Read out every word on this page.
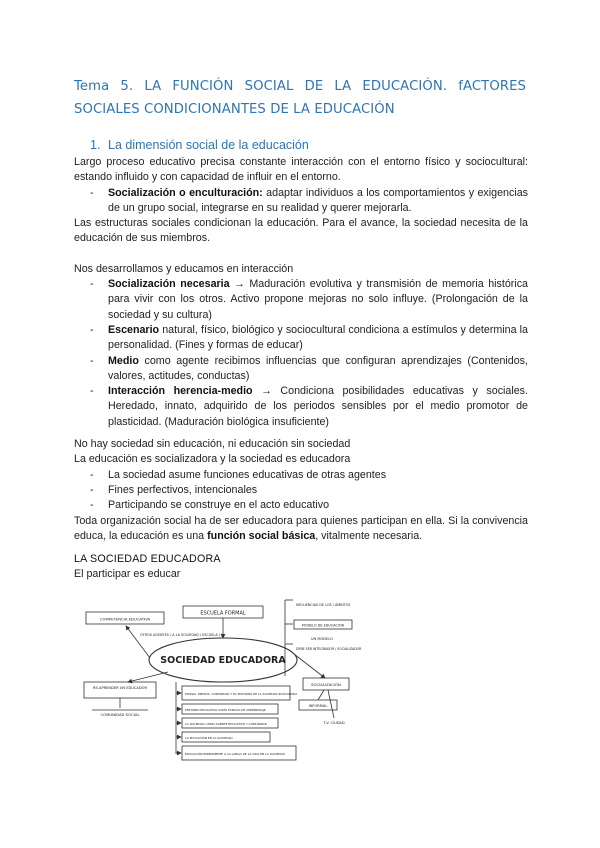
Tema 5. LA FUNCIÓN SOCIAL DE LA EDUCACIÓN. fACTORES SOCIALES CONDICIONANTES DE LA EDUCACIÓN
1. La dimensión social de la educación

Largo proceso educativo precisa constante interacción con el entorno físico y sociocultural: estando influido y con capacidad de influir en el entorno.

- Socialización o enculturación: adaptar individuos a los comportamientos y exigencias de un grupo social, integrarse en su realidad y querer mejorarla.

Las estructuras sociales condicionan la educación. Para el avance, la sociedad necesita de la educación de sus miembros.

Nos desarrollamos y educamos en interacción

- Socialización necesaria → Maduración evolutiva y transmisión de memoria histórica para vivir con los otros. Activo propone mejoras no solo influye. (Prolongación de la sociedad y su cultura)
- Escenario natural, físico, biológico y sociocultural condiciona a estímulos y determina la personalidad. (Fines y formas de educar)
- Medio como agente recibimos influencias que configuran aprendizajes (Contenidos, valores, actitudes, conductas)
- Interacción herencia-medio → Condiciona posibilidades educativas y sociales. Heredado, innato, adquirido de los periodos sensibles por el medio promotor de plasticidad. (Maduración biológica insuficiente)

No hay sociedad sin educación, ni educación sin sociedad

La educación es socializadora y la sociedad es educadora

- La sociedad asume funciones educativas de otras agentes
- Fines perfectivos, intencionales
- Participando se construye en el acto educativo

Toda organización social ha de ser educadora para quienes participan en ella. Si la convivencia educa, la educación es una función social básica, vitalmente necesaria.

LA SOCIEDAD EDUCADORA

El participar es educar

ESCUELA FORMAL
SOCIEDAD EDUCADORA
COMPETENCIA EDUCATIVA
OTROS AGENTES / A LA SOCIEDAD / ESCUELA ( )
RE-APRENDER UN EDUCADOR
COMUNIDAD SOCIAL
INFLUENCIAS DE LOS / ÁMBITOS
MODELO DE EDUCACIÓN
UN MODELO
DEBE SER INTEGRADOR / SOCIALIZADOR
SOCIALIZACIÓN
INFORMAL
T.V. CIUDAD
FAMILIA, MEDIOS, COMUNIDAD Y EL ENTORNO DE LA SOCIEDAD EDUCADORA
ENTORNO EDUCATIVO COMO ESPACIO DE APRENDIZAJE
LA SOCIEDAD COMO AGENTE EDUCATIVO Y COMUNIDAD
LA EDUCACIÓN EN LA SOCIEDAD
EDUCACIÓN PERMANENTE A LO LARGO DE LA VIDA EN LA SOCIEDAD
